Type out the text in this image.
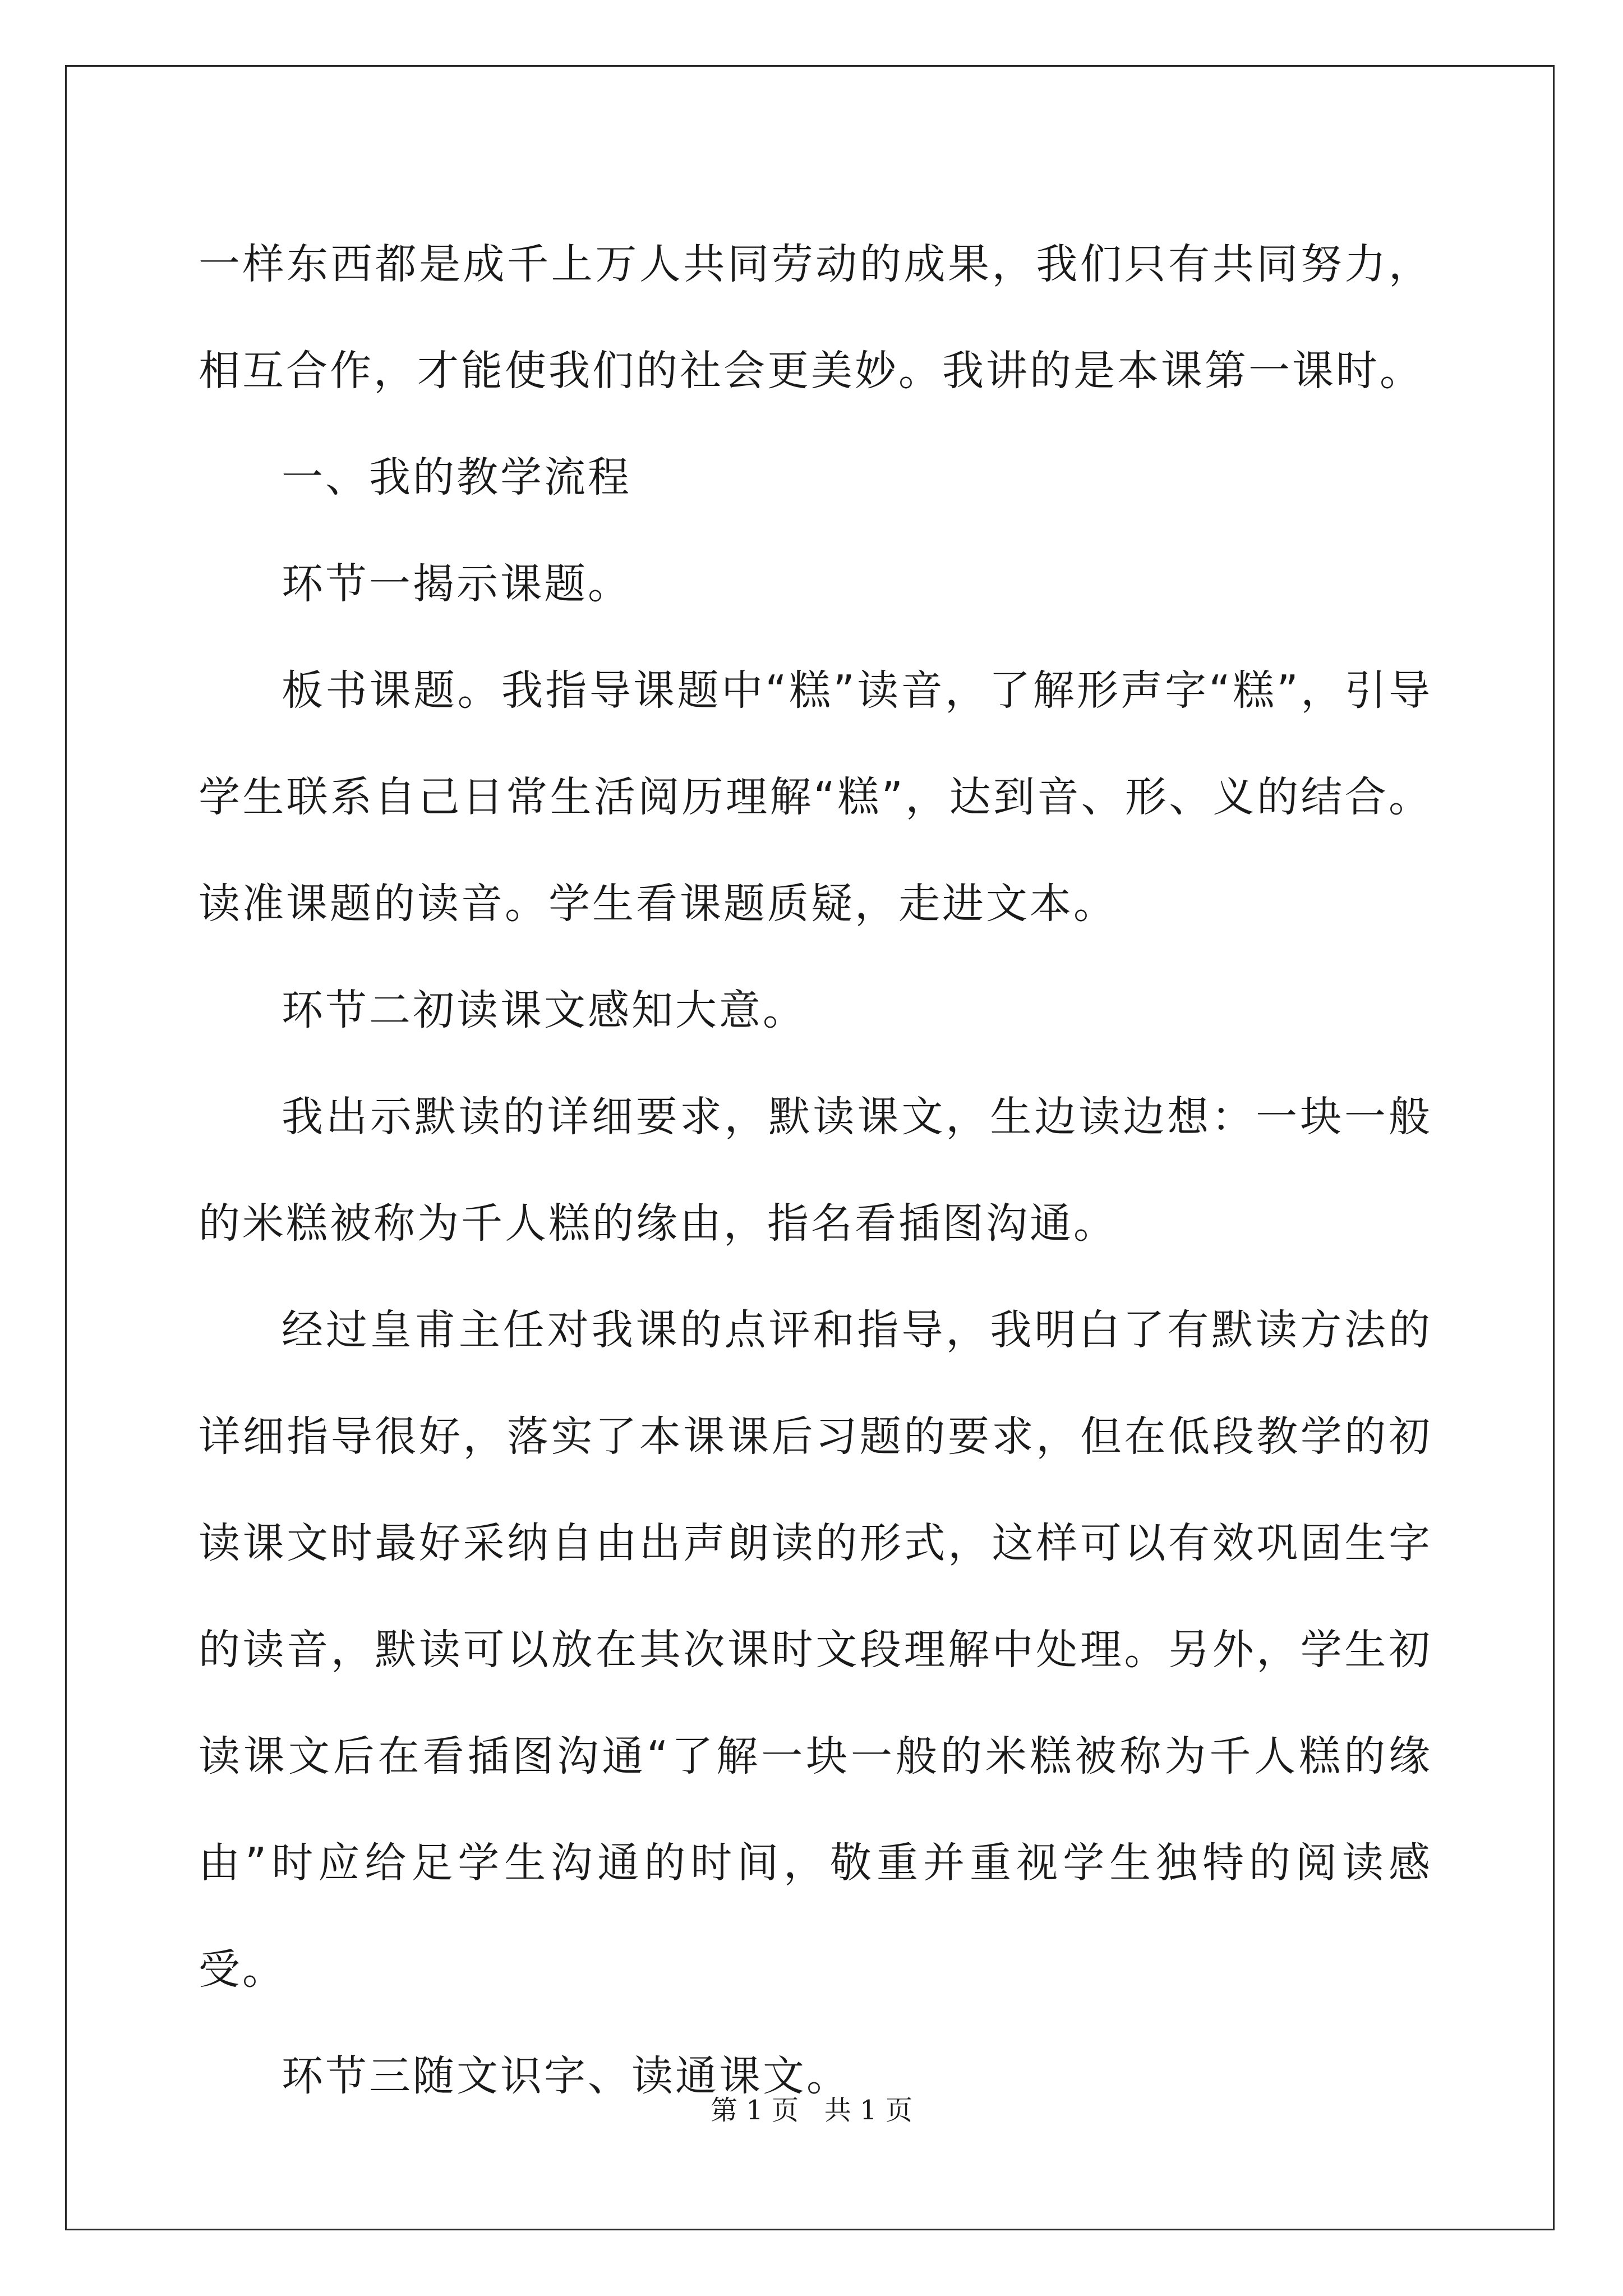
一样东西都是成千上万人共同劳动的成果，我们只有共同努力，相互合作，才能使我们的社会更美妙。我讲的是本课第一课时。

一、我的教学流程

环节一揭示课题。

板书课题。我指导课题中“糕”读音，了解形声字“糕”，引导学生联系自己日常生活阅历理解“糕”，达到音、形、义的结合。读准课题的读音。学生看课题质疑，走进文本。

环节二初读课文感知大意。

我出示默读的详细要求，默读课文，生边读边想：一块一般的米糕被称为千人糕的缘由，指名看插图沟通。

经过皇甫主任对我课的点评和指导，我明白了有默读方法的详细指导很好，落实了本课课后习题的要求，但在低段教学的初读课文时最好采纳自由出声朗读的形式，这样可以有效巩固生字的读音，默读可以放在其次课时文段理解中处理。另外，学生初读课文后在看插图沟通“了解一块一般的米糕被称为千人糕的缘由”时应给足学生沟通的时间，敬重并重视学生独特的阅读感受。

环节三随文识字、读通课文。

第 1 页 共 1 页
